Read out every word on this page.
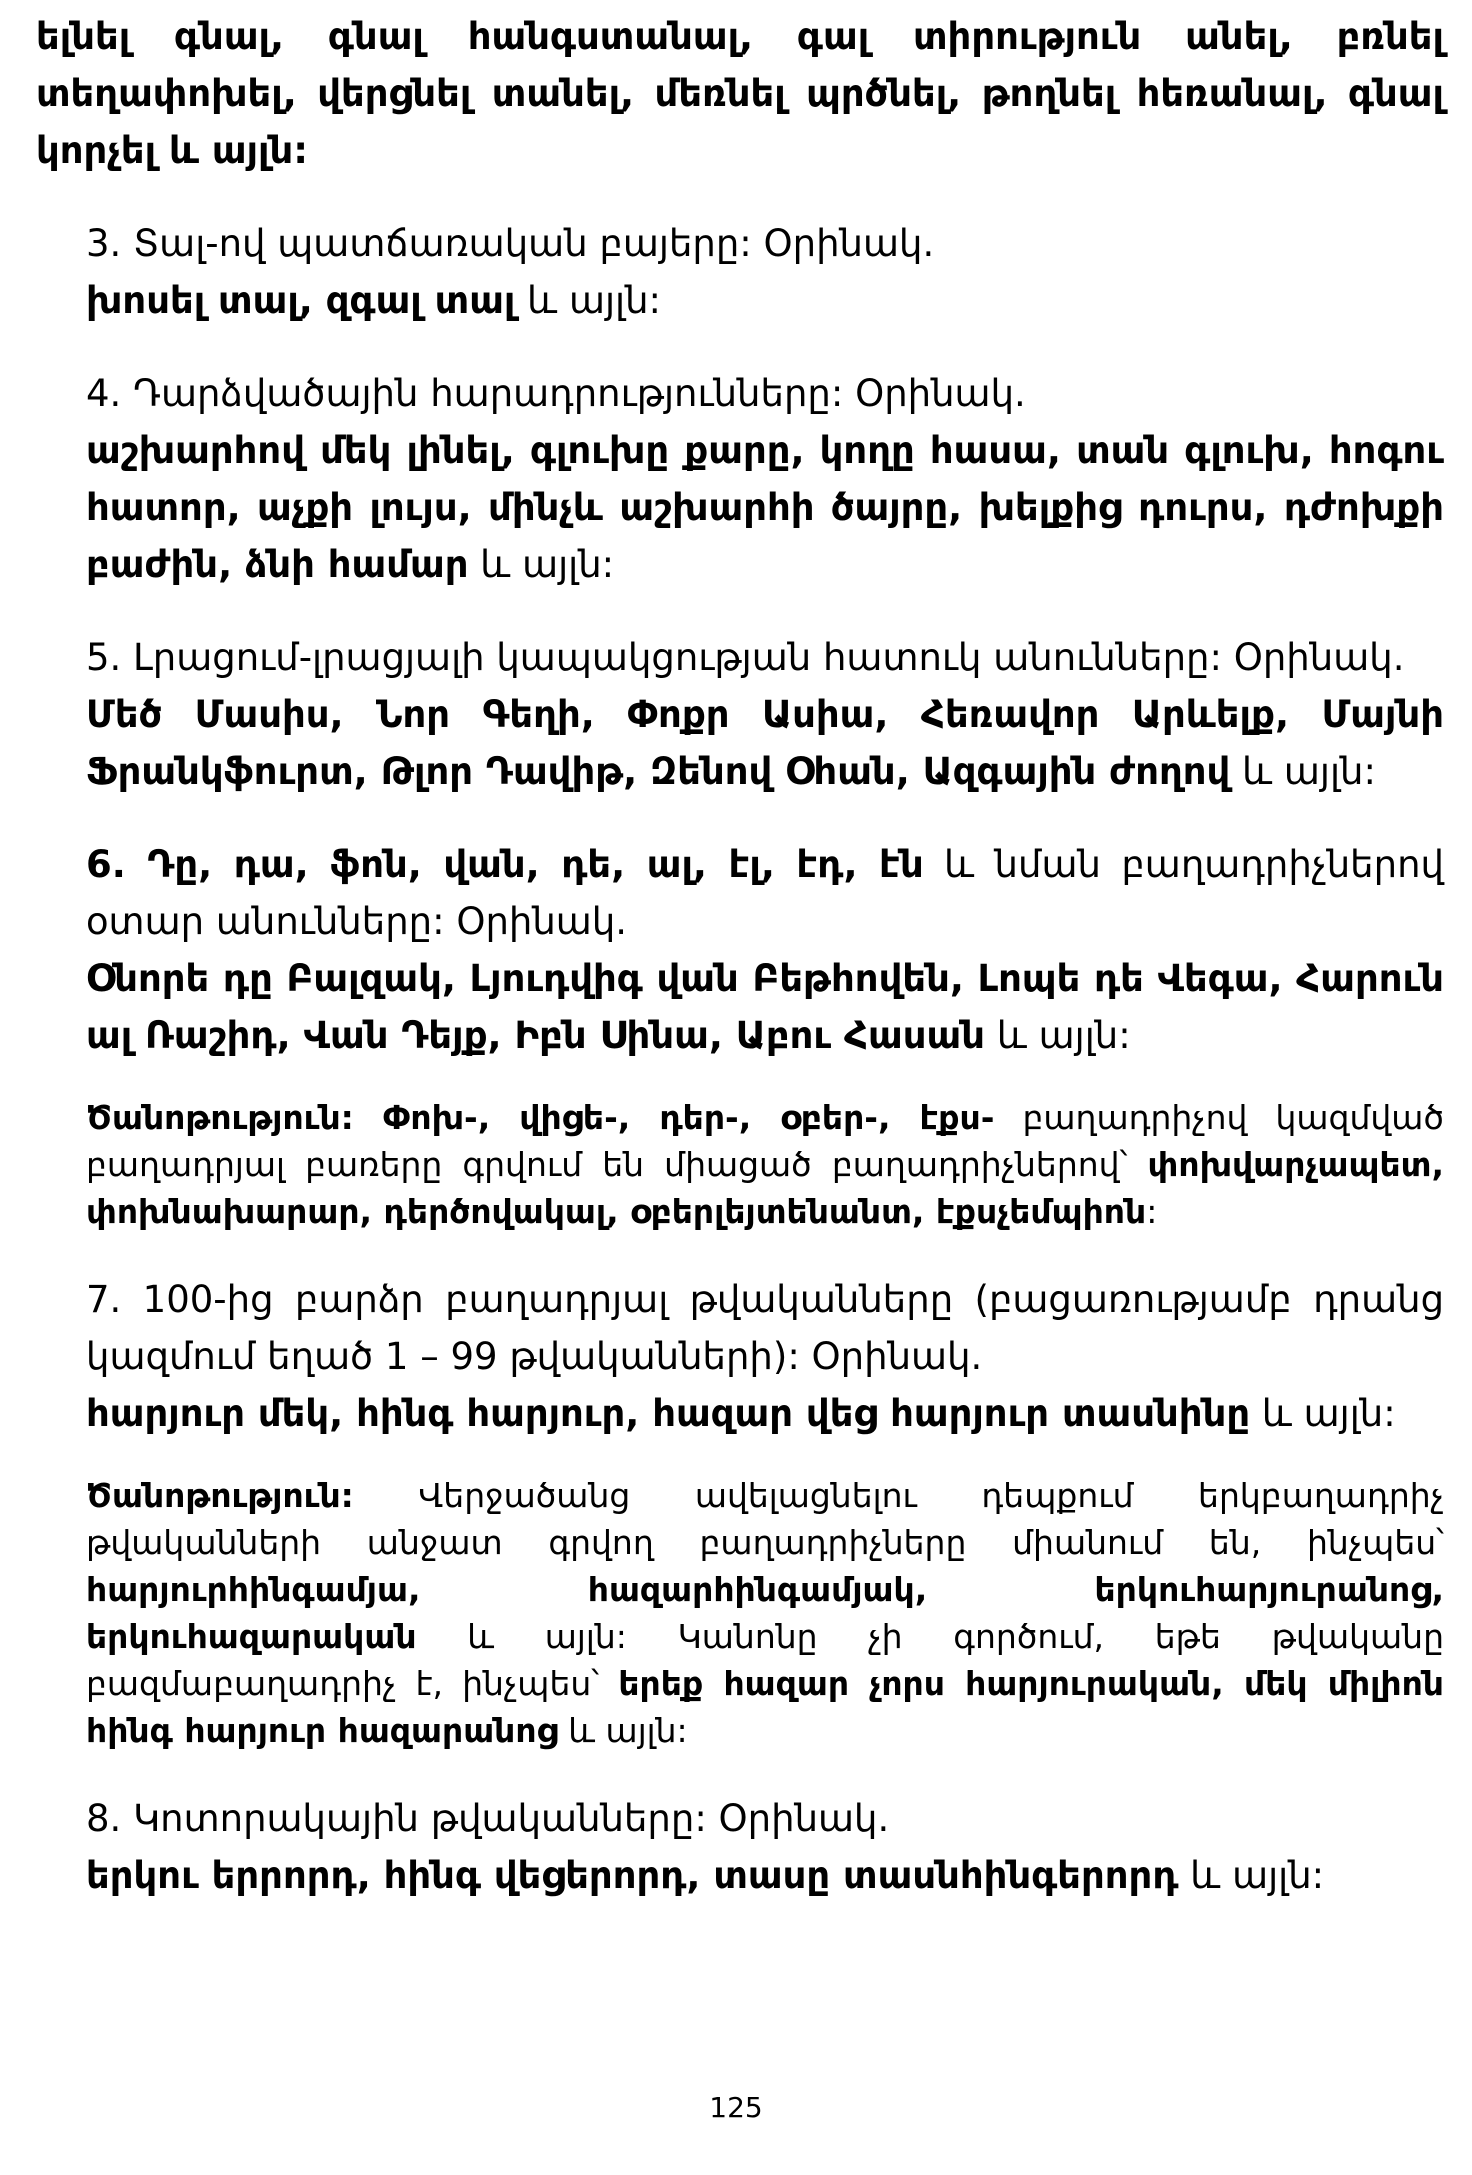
ելնել գնալ, գնալ հանգստանալ, գալ տիրություն անել, բռնել տեղափոխել, վերցնել տանել, մեռնել պրծնել, թողնել հեռանալ, գնալ կորչել և այլն:

3. Տալ-ով պատճառական բայերը: Օրինակ.

խոսել տալ, զգալ տալ և այլն:

4. Դարձվածային հարադրությունները: Օրինակ.

աշխարհով մեկ լինել, գլուխը քարը, կողը հասա, տան գլուխ, հոգու հատոր, աչքի լույս, մինչև աշխարհի ծայրը, խելքից դուրս, դժոխքի բաժին, ձնի համար և այլն:

5. Լրացում-լրացյալի կապակցության հատուկ անունները: Օրինակ.

Մեծ Մասիս, Նոր Գեղի, Փոքր Ասիա, Հեռավոր Արևելք, Մայնի Ֆրանկֆուրտ, Թլոր Դավիթ, Զենով Օհան, Ազգային ժողով և այլն:

6. Դը, դա, ֆոն, վան, դե, ալ, էլ, էդ, էն և նման բաղադրիչներով օտար անունները: Օրինակ.

Օնորե դը Բալզակ, Լյուդվիգ վան Բեթհովեն, Լոպե դե Վեգա, Հարուն ալ Ռաշիդ, Վան Դեյք, Իբն Սինա, Աբու Հասան և այլն:

Ծանոթություն: Փոխ-, վիցե-, դեր-, օբեր-, էքս- բաղադրիչով կազմված բաղադրյալ բառերը գրվում են միացած բաղադրիչներով՝ փոխվարչապետ, փոխնախարար, դերծովակալ, օբերլեյտենանտ, էքսչեմպիոն:

7. 100-ից բարձր բաղադրյալ թվականները (բացառությամբ դրանց կազմում եղած 1 – 99 թվականների): Օրինակ.

հարյուր մեկ, հինգ հարյուր, հազար վեց հարյուր տասնինը և այլն:

Ծանոթություն: Վերջածանց ավելացնելու դեպքում երկբաղադրիչ թվականների անջատ գրվող բաղադրիչները միանում են, ինչպես՝ հարյուրհինգամյա, հազարհինգամյակ, երկուհարյուրանոց, երկուհազարական և այլն: Կանոնը չի գործում, եթե թվականը բազմաբաղադրիչ է, ինչպես՝ երեք հազար չորս հարյուրական, մեկ միլիոն հինգ հարյուր հազարանոց և այլն:

8. Կոտորակային թվականները: Օրինակ.

երկու երրորդ, հինգ վեցերորդ, տասը տասնհինգերորդ և այլն:

125
